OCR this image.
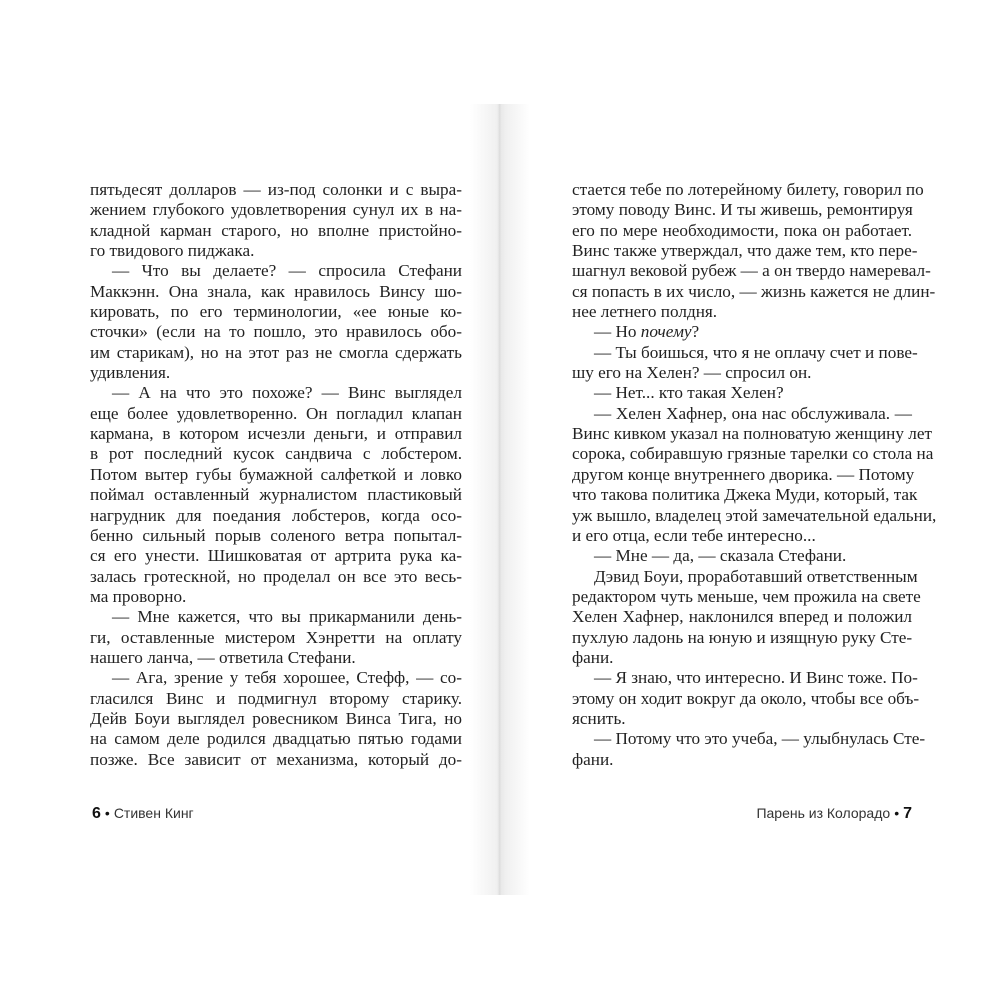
пятьдесят долларов — из-под солонки и с выра-
жением глубокого удовлетворения сунул их в на-
кладной карман старого, но вполне пристойно-
го твидового пиджака.
— Что вы делаете? — спросила Стефани
Маккэнн. Она знала, как нравилось Винсу шо-
кировать, по его терминологии, «ее юные ко-
сточки» (если на то пошло, это нравилось обо-
им старикам), но на этот раз не смогла сдержать
удивления.
— А на что это похоже? — Винс выглядел
еще более удовлетворенно. Он погладил клапан
кармана, в котором исчезли деньги, и отправил
в рот последний кусок сандвича с лобстером.
Потом вытер губы бумажной салфеткой и ловко
поймал оставленный журналистом пластиковый
нагрудник для поедания лобстеров, когда осо-
бенно сильный порыв соленого ветра попытал-
ся его унести. Шишковатая от артрита рука ка-
залась гротескной, но проделал он все это весь-
ма проворно.
— Мне кажется, что вы прикарманили день-
ги, оставленные мистером Хэнретти на оплату
нашего ланча, — ответила Стефани.
— Ага, зрение у тебя хорошее, Стефф, — со-
гласился Винс и подмигнул второму старику.
Дейв Боуи выглядел ровесником Винса Тига, но
на самом деле родился двадцатью пятью годами
позже. Все зависит от механизма, который до-
стается тебе по лотерейному билету, говорил по
этому поводу Винс. И ты живешь, ремонтируя
его по мере необходимости, пока он работает.
Винс также утверждал, что даже тем, кто пере-
шагнул вековой рубеж — а он твердо намеревал-
ся попасть в их число, — жизнь кажется не длин-
нее летнего полдня.
— Но почему?
— Ты боишься, что я не оплачу счет и пове-
шу его на Хелен? — спросил он.
— Нет... кто такая Хелен?
— Хелен Хафнер, она нас обслуживала. —
Винс кивком указал на полноватую женщину лет
сорока, собиравшую грязные тарелки со стола на
другом конце внутреннего дворика. — Потому
что такова политика Джека Муди, который, так
уж вышло, владелец этой замечательной едальни,
и его отца, если тебе интересно...
— Мне — да, — сказала Стефани.
Дэвид Боуи, проработавший ответственным
редактором чуть меньше, чем прожила на свете
Хелен Хафнер, наклонился вперед и положил
пухлую ладонь на юную и изящную руку Сте-
фани.
— Я знаю, что интересно. И Винс тоже. По-
этому он ходит вокруг да около, чтобы все объ-
яснить.
— Потому что это учеба, — улыбнулась Сте-
фани.
6 • Стивен Кинг	Парень из Колорадо • 7
